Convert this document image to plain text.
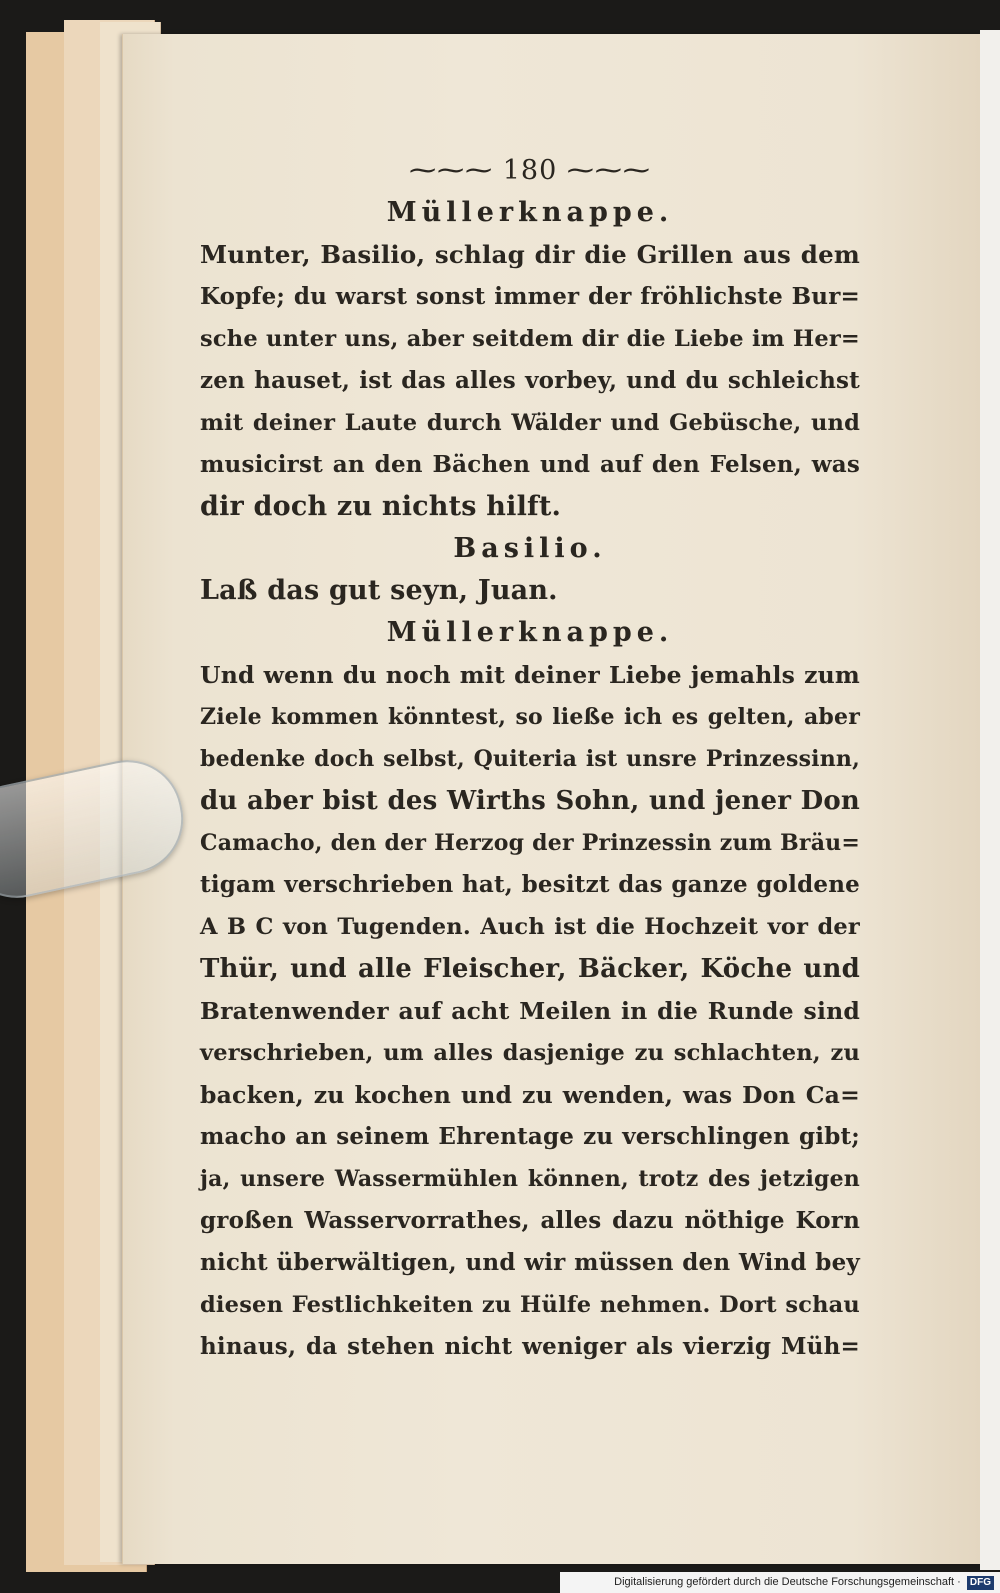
⁓⁓⁓ 180 ⁓⁓⁓
Müllerknappe.
Munter, Basilio, schlag dir die Grillen aus dem
Kopfe; du warst sonst immer der fröhlichste Bur=
sche unter uns, aber seitdem dir die Liebe im Her=
zen hauset, ist das alles vorbey, und du schleichst
mit deiner Laute durch Wälder und Gebüsche, und
musicirst an den Bächen und auf den Felsen, was
dir doch zu nichts hilft.
Basilio.
Laß das gut seyn, Juan.
Müllerknappe.
Und wenn du noch mit deiner Liebe jemahls zum
Ziele kommen könntest, so ließe ich es gelten, aber
bedenke doch selbst, Quiteria ist unsre Prinzessinn,
du aber bist des Wirths Sohn, und jener Don
Camacho, den der Herzog der Prinzessin zum Bräu=
tigam verschrieben hat, besitzt das ganze goldene
A B C von Tugenden. Auch ist die Hochzeit vor der
Thür, und alle Fleischer, Bäcker, Köche und
Bratenwender auf acht Meilen in die Runde sind
verschrieben, um alles dasjenige zu schlachten, zu
backen, zu kochen und zu wenden, was Don Ca=
macho an seinem Ehrentage zu verschlingen gibt;
ja, unsere Wassermühlen können, trotz des jetzigen
großen Wasservorrathes, alles dazu nöthige Korn
nicht überwältigen, und wir müssen den Wind bey
diesen Festlichkeiten zu Hülfe nehmen. Dort schau
hinaus, da stehen nicht weniger als vierzig Müh=
Digitalisierung gefördert durch die Deutsche Forschungsgemeinschaft · DFG
